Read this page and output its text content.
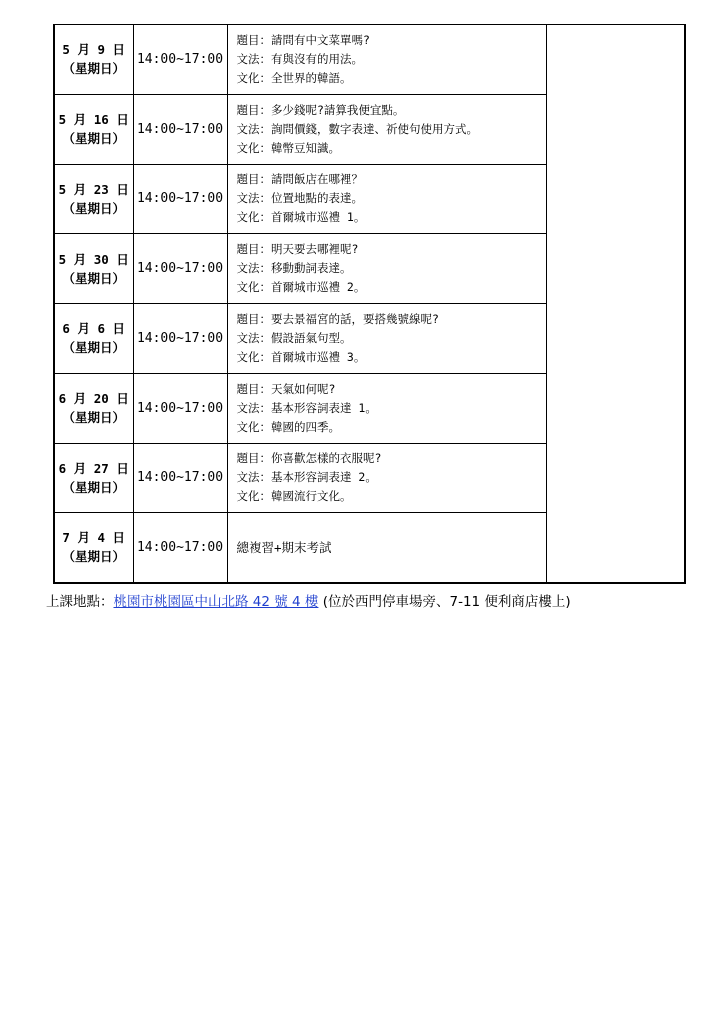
5 月 9 日
（星期日）	14:00~17:00	題目：請問有中文菜單嗎?
文法：有與沒有的用法。
文化：全世界的韓語。	

5 月 16 日
（星期日）	14:00~17:00	題目：多少錢呢?請算我便宜點。
文法：詢問價錢，數字表達、祈使句使用方式。
文化：韓幣豆知識。	

5 月 23 日
（星期日）	14:00~17:00	題目：請問飯店在哪裡？
文法：位置地點的表達。
文化：首爾城市巡禮 1。	

5 月 30 日
（星期日）	14:00~17:00	題目：明天要去哪裡呢?
文法：移動動詞表達。
文化：首爾城市巡禮 2。	

6 月 6 日
（星期日）	14:00~17:00	題目：要去景福宮的話，要搭幾號線呢?
文法：假設語氣句型。
文化：首爾城市巡禮 3。	

6 月 20 日
（星期日）	14:00~17:00	題目：天氣如何呢?
文法：基本形容詞表達 1。
文化：韓國的四季。	

6 月 27 日
（星期日）	14:00~17:00	題目：你喜歡怎樣的衣服呢?
文法：基本形容詞表達 2。
文化：韓國流行文化。	

7 月 4 日
（星期日）	14:00~17:00	總複習+期末考試	
上課地點：桃園市桃園區中山北路 42 號 4 樓 (位於西門停車場旁、7-11 便利商店樓上)
